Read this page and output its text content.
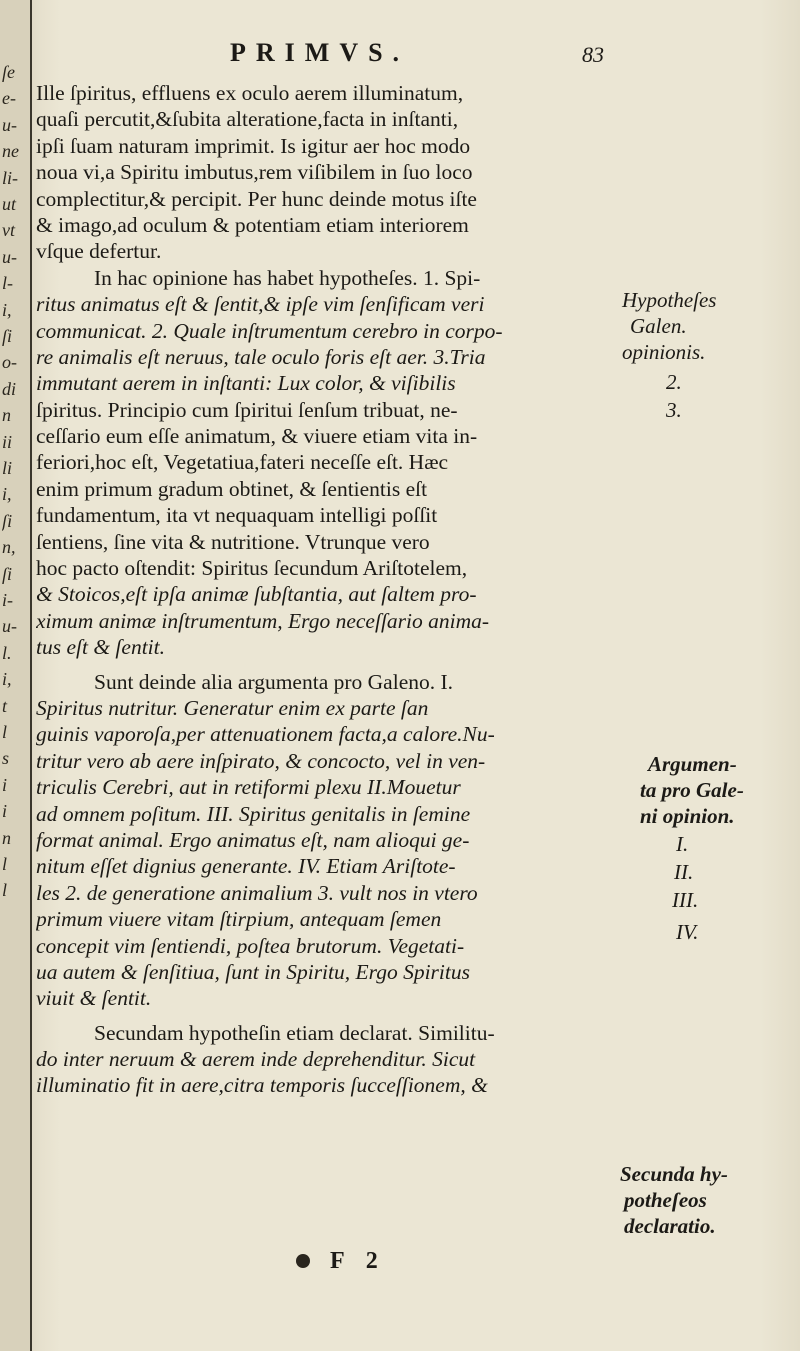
ſe
e-
u-
ne
li-
ut
vt
u-
l-
i,
ſi
o-
di
n
ii
li
i,
ʃi
n,
ſi
i-
u-
l.
i,
t
l
s
i
i
n
l
l
PRIMVS.	83
Ille ſpiritus, effluens ex oculo aerem illuminatum,
quaſi percutit,&ſubita alteratione,facta in inſtanti,
ipſi ſuam naturam imprimit. Is igitur aer hoc modo
noua vi,a Spiritu imbutus,rem viſibilem in ſuo loco
complectitur,& percipit. Per hunc deinde motus iſte
& imago,ad oculum & potentiam etiam interiorem
vſque defertur.
In hac opinione has habet hypotheſes. 1. Spi-
ritus animatus eſt & ſentit,& ipſe vim ſenſificam veri
communicat. 2. Quale inſtrumentum cerebro in corpo-
re animalis eſt neruus, tale oculo foris eſt aer. 3.Tria
immutant aerem in inſtanti: Lux color, & viſibilis
ſpiritus. Principio cum ſpiritui ſenſum tribuat, ne-
ceſſario eum eſſe animatum, & viuere etiam vita in-
feriori,hoc eſt, Vegetatiua,fateri neceſſe eſt. Hæc
enim primum gradum obtinet, & ſentientis eſt
fundamentum, ita vt nequaquam intelligi poſſit
ſentiens, ſine vita & nutritione. Vtrunque vero
hoc pacto oſtendit: Spiritus ſecundum Ariſtotelem,
& Stoicos,eſt ipſa animæ ſubſtantia, aut ſaltem pro-
ximum animæ inſtrumentum, Ergo neceſſario anima-
tus eſt & ſentit.
Sunt deinde alia argumenta pro Galeno. I.
Spiritus nutritur. Generatur enim ex parte ſan
guinis vaporoſa,per attenuationem facta,a calore.Nu-
tritur vero ab aere inſpirato, & concocto, vel in ven-
triculis Cerebri, aut in retiformi plexu II.Mouetur
ad omnem poſitum. III. Spiritus genitalis in ſemine
format animal. Ergo animatus eſt, nam alioqui ge-
nitum eſſet dignius generante. IV. Etiam Ariſtote-
les 2. de generatione animalium 3. vult nos in vtero
primum viuere vitam ſtirpium, antequam ſemen
concepit vim ſentiendi, poſtea brutorum. Vegetati-
ua autem & ſenſitiua, ſunt in Spiritu, Ergo Spiritus
viuit & ſentit.
Secundam hypotheſin etiam declarat. Similitu-
do inter neruum & aerem inde deprehenditur. Sicut
illuminatio fit in aere,citra temporis ſucceſſionem, &
Hypotheſes
Galen.
opinionis.
2.
3.
Argumen-
ta pro Gale-
ni opinion.
I.
II.
III.
IV.
Secunda hy-
potheſeos
declaratio.
F 2
